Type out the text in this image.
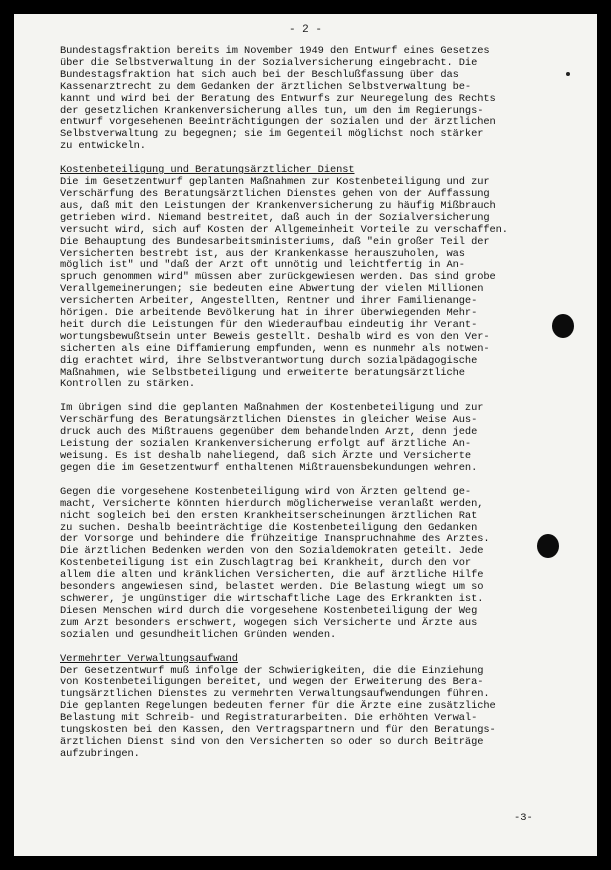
- 2 -

Bundestagsfraktion bereits im November 1949 den Entwurf eines Gesetzes

über die Selbstverwaltung in der Sozialversicherung eingebracht. Die

Bundestagsfraktion hat sich auch bei der Beschlußfassung über das

Kassenarztrecht zu dem Gedanken der ärztlichen Selbstverwaltung be-

kannt und wird bei der Beratung des Entwurfs zur Neuregelung des Rechts

der gesetzlichen Krankenversicherung alles tun, um den im Regierungs-

entwurf vorgesehenen Beeinträchtigungen der sozialen und der ärztlichen

Selbstverwaltung zu begegnen; sie im Gegenteil möglichst noch stärker

zu entwickeln.

Kostenbeteiligung und Beratungsärztlicher Dienst

Die im Gesetzentwurf geplanten Maßnahmen zur Kostenbeteiligung und zur

Verschärfung des Beratungsärztlichen Dienstes gehen von der Auffassung

aus, daß mit den Leistungen der Krankenversicherung zu häufig Mißbrauch

getrieben wird. Niemand bestreitet, daß auch in der Sozialversicherung

versucht wird, sich auf Kosten der Allgemeinheit Vorteile zu verschaffen.

Die Behauptung des Bundesarbeitsministeriums, daß "ein großer Teil der

Versicherten bestrebt ist, aus der Krankenkasse herauszuholen, was

möglich ist" und "daß der Arzt oft unnötig und leichtfertig in An-

spruch genommen wird" müssen aber zurückgewiesen werden. Das sind grobe

Verallgemeinerungen; sie bedeuten eine Abwertung der vielen Millionen

versicherten Arbeiter, Angestellten, Rentner und ihrer Familienange-

hörigen. Die arbeitende Bevölkerung hat in ihrer überwiegenden Mehr-

heit durch die Leistungen für den Wiederaufbau eindeutig ihr Verant-

wortungsbewußtsein unter Beweis gestellt. Deshalb wird es von den Ver-

sicherten als eine Diffamierung empfunden, wenn es nunmehr als notwen-

dig erachtet wird, ihre Selbstverantwortung durch sozialpädagogische

Maßnahmen, wie Selbstbeteiligung und erweiterte beratungsärztliche

Kontrollen zu stärken.

Im übrigen sind die geplanten Maßnahmen der Kostenbeteiligung und zur

Verschärfung des Beratungsärztlichen Dienstes in gleicher Weise Aus-

druck auch des Mißtrauens gegenüber dem behandelnden Arzt, denn jede

Leistung der sozialen Krankenversicherung erfolgt auf ärztliche An-

weisung. Es ist deshalb naheliegend, daß sich Ärzte und Versicherte

gegen die im Gesetzentwurf enthaltenen Mißtrauensbekundungen wehren.

Gegen die vorgesehene Kostenbeteiligung wird von Ärzten geltend ge-

macht, Versicherte könnten hierdurch möglicherweise veranlaßt werden,

nicht sogleich bei den ersten Krankheitserscheinungen ärztlichen Rat

zu suchen. Deshalb beeinträchtige die Kostenbeteiligung den Gedanken

der Vorsorge und behindere die frühzeitige Inanspruchnahme des Arztes.

Die ärztlichen Bedenken werden von den Sozialdemokraten geteilt. Jede

Kostenbeteiligung ist ein Zuschlagtrag bei Krankheit, durch den vor

allem die alten und kränklichen Versicherten, die auf ärztliche Hilfe

besonders angewiesen sind, belastet werden. Die Belastung wiegt um so

schwerer, je ungünstiger die wirtschaftliche Lage des Erkrankten ist.

Diesen Menschen wird durch die vorgesehene Kostenbeteiligung der Weg

zum Arzt besonders erschwert, wogegen sich Versicherte und Ärzte aus

sozialen und gesundheitlichen Gründen wenden.

Vermehrter Verwaltungsaufwand

Der Gesetzentwurf muß infolge der Schwierigkeiten, die die Einziehung

von Kostenbeteiligungen bereitet, und wegen der Erweiterung des Bera-

tungsärztlichen Dienstes zu vermehrten Verwaltungsaufwendungen führen.

Die geplanten Regelungen bedeuten ferner für die Ärzte eine zusätzliche

Belastung mit Schreib- und Registraturarbeiten. Die erhöhten Verwal-

tungskosten bei den Kassen, den Vertragspartnern und für den Beratungs-

ärztlichen Dienst sind von den Versicherten so oder so durch Beiträge

aufzubringen.

-3-
